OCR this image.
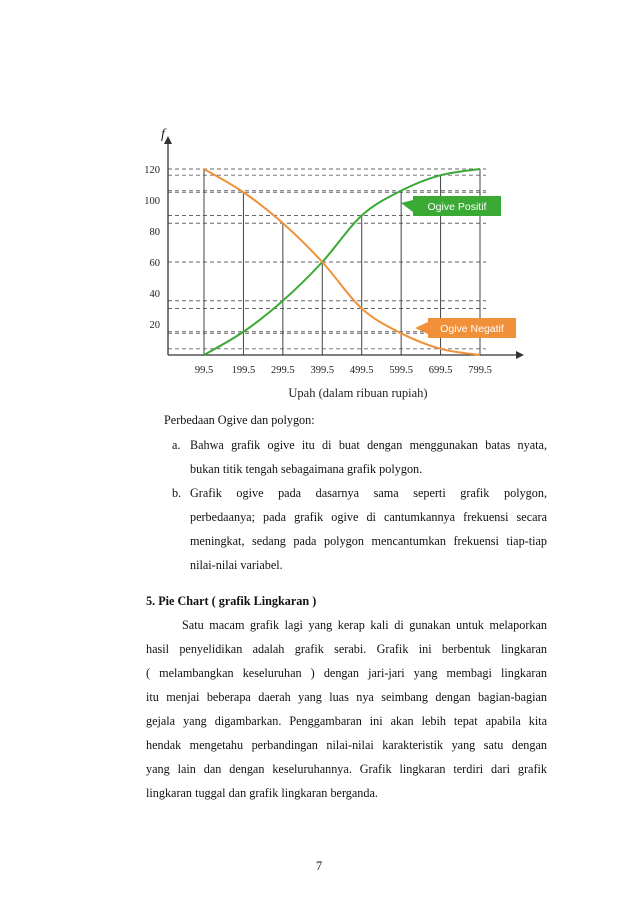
20
40
60
80
100
120
99.5 199.5 299.5 399.5 499.5 599.5 699.5 799.5
f
Upah (dalam ribuan rupiah)
Ogive Positif
Ogive Negatif
Perbedaan Ogive dan polygon:
a. Bahwa grafik ogive itu di buat dengan menggunakan batas nyata,
bukan titik tengah sebagaimana grafik polygon.
b. Grafik ogive pada dasarnya sama seperti grafik polygon,
perbedaanya; pada grafik ogive di cantumkannya frekuensi secara
meningkat, sedang pada polygon mencantumkan frekuensi tiap-tiap
nilai-nilai variabel.
5. Pie Chart ( grafik Lingkaran )
Satu macam grafik lagi yang kerap kali di gunakan untuk melaporkan
hasil penyelidikan adalah grafik serabi. Grafik ini berbentuk lingkaran
( melambangkan keseluruhan ) dengan jari-jari yang membagi lingkaran
itu menjai beberapa daerah yang luas nya seimbang dengan bagian-bagian
gejala yang digambarkan. Penggambaran ini akan lebih tepat apabila kita
hendak mengetahu perbandingan nilai-nilai karakteristik yang satu dengan
yang lain dan dengan keseluruhannya. Grafik lingkaran terdiri dari grafik
lingkaran tuggal dan grafik lingkaran berganda.
7
